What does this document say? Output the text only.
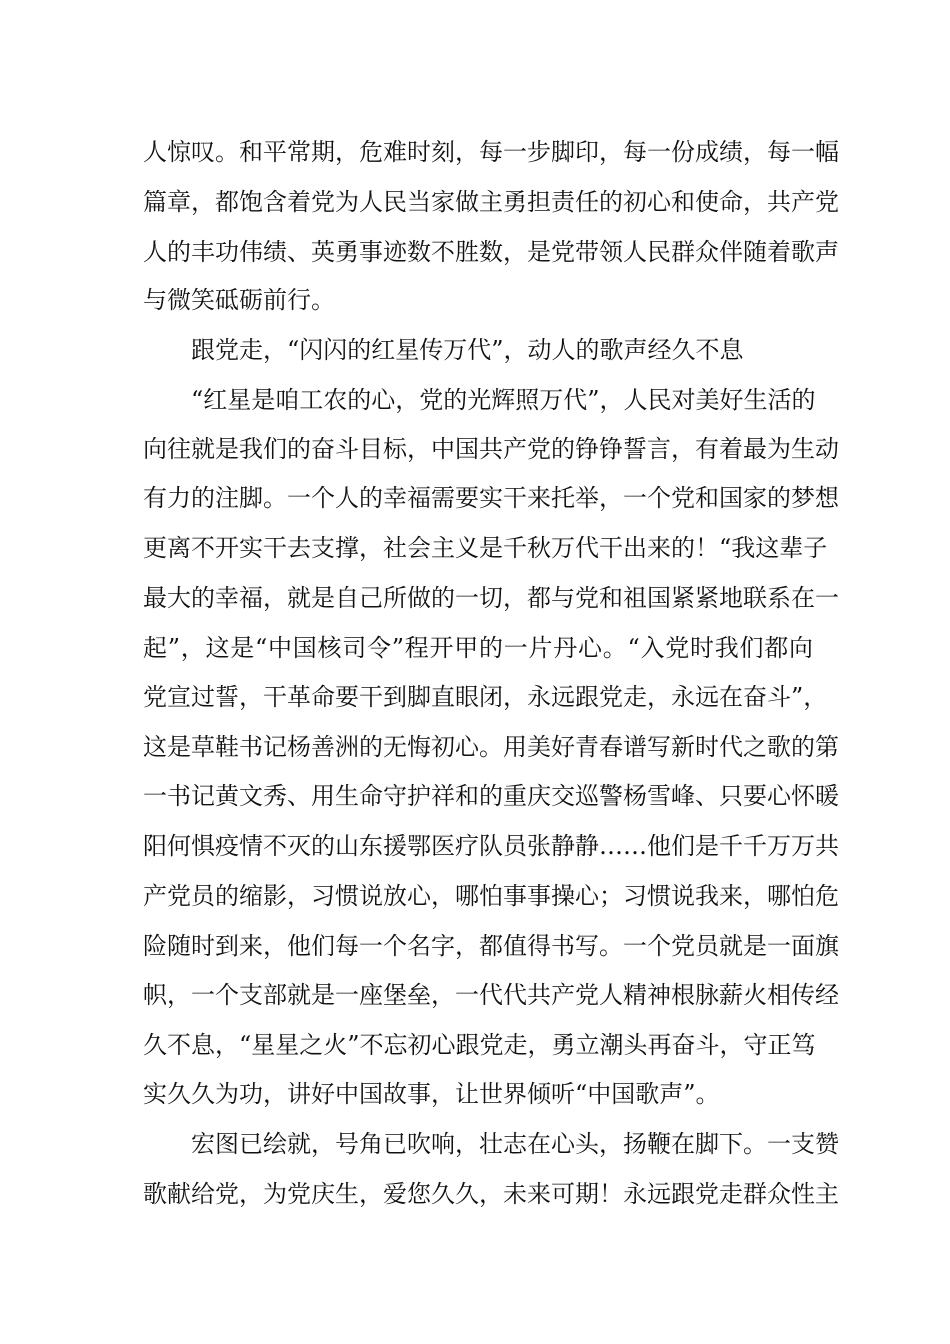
人惊叹。和平常期，危难时刻，每一步脚印，每一份成绩，每一幅
篇章，都饱含着党为人民当家做主勇担责任的初心和使命，共产党
人的丰功伟绩、英勇事迹数不胜数，是党带领人民群众伴随着歌声
与微笑砥砺前行。
跟党走，“闪闪的红星传万代”，动人的歌声经久不息
“红星是咱工农的心，党的光辉照万代”，人民对美好生活的
向往就是我们的奋斗目标，中国共产党的铮铮誓言，有着最为生动
有力的注脚。一个人的幸福需要实干来托举，一个党和国家的梦想
更离不开实干去支撑，社会主义是千秋万代干出来的！“我这辈子
最大的幸福，就是自己所做的一切，都与党和祖国紧紧地联系在一
起”，这是“中国核司令”程开甲的一片丹心。“入党时我们都向
党宣过誓，干革命要干到脚直眼闭，永远跟党走，永远在奋斗”，
这是草鞋书记杨善洲的无悔初心。用美好青春谱写新时代之歌的第
一书记黄文秀、用生命守护祥和的重庆交巡警杨雪峰、只要心怀暖
阳何惧疫情不灭的山东援鄂医疗队员张静静……他们是千千万万共
产党员的缩影，习惯说放心，哪怕事事操心；习惯说我来，哪怕危
险随时到来，他们每一个名字，都值得书写。一个党员就是一面旗
帜，一个支部就是一座堡垒，一代代共产党人精神根脉薪火相传经
久不息，“星星之火”不忘初心跟党走，勇立潮头再奋斗，守正笃
实久久为功，讲好中国故事，让世界倾听“中国歌声”。
宏图已绘就，号角已吹响，壮志在心头，扬鞭在脚下。一支赞
歌献给党，为党庆生，爱您久久，未来可期！永远跟党走群众性主
